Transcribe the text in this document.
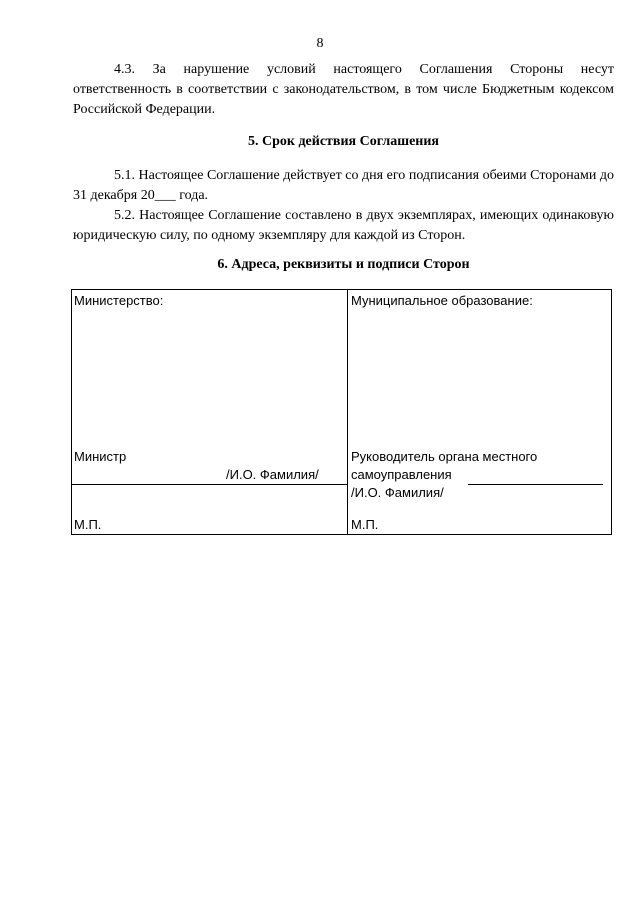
8

4.3. За нарушение условий настоящего Соглашения Стороны несут ответственность в соответствии с законодательством, в том числе Бюджетным кодексом Российской Федерации.

5. Срок действия Соглашения

5.1. Настоящее Соглашение действует со дня его подписания обеими Сторонами до 31 декабря 20___ года.

5.2. Настоящее Соглашение составлено в двух экземплярах, имеющих одинаковую юридическую силу, по одному экземпляру для каждой из Сторон.

6. Адреса, реквизиты и подписи Сторон

Министерство:
Министр
/И.О. Фамилия/
М.П.
Муниципальное образование:
Руководитель органа местного
самоуправления
/И.О. Фамилия/
М.П.
